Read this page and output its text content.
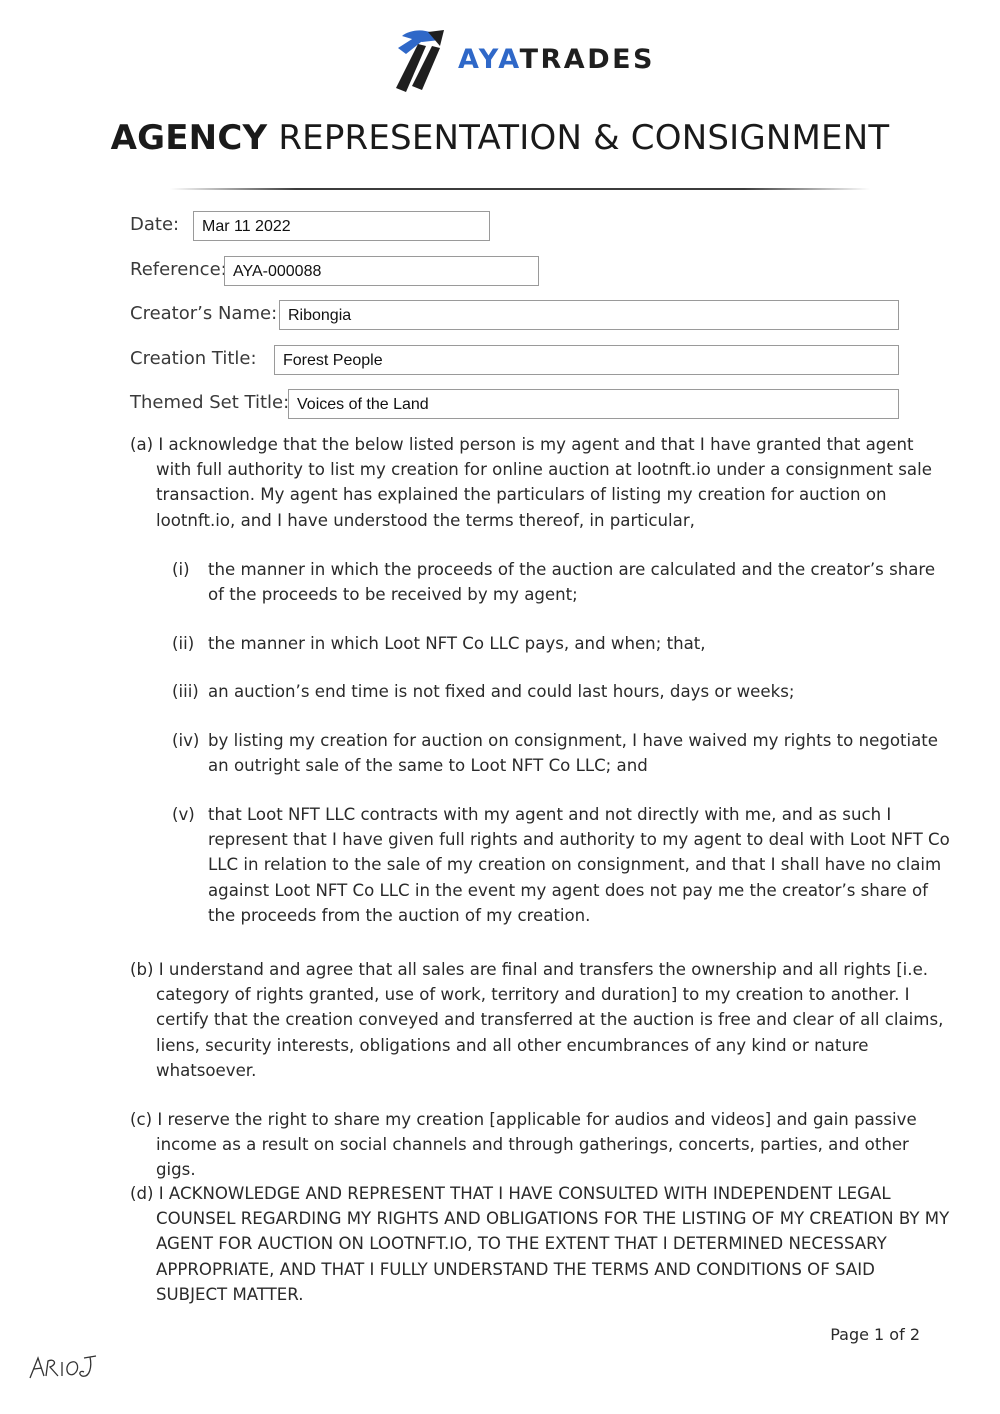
AYATRADES
AGENCY REPRESENTATION & CONSIGNMENT
Date:	Mar 11 2022
Reference: AYA-000088
Creator’s Name: Ribongia
Creation Title:	Forest People
Themed Set Title: Voices of the Land
(a) I acknowledge that the below listed person is my agent and that I have granted that agent with full authority to list my creation for online auction at lootnft.io under a consignment sale transaction. My agent has explained the particulars of listing my creation for auction on lootnft.io, and I have understood the terms thereof, in particular,
(i) the manner in which the proceeds of the auction are calculated and the creator’s share of the proceeds to be received by my agent;
(ii) the manner in which Loot NFT Co LLC pays, and when; that,
(iii) an auction’s end time is not fixed and could last hours, days or weeks;
(iv) by listing my creation for auction on consignment, I have waived my rights to negotiate an outright sale of the same to Loot NFT Co LLC; and
(v) that Loot NFT LLC contracts with my agent and not directly with me, and as such I represent that I have given full rights and authority to my agent to deal with Loot NFT Co LLC in relation to the sale of my creation on consignment, and that I shall have no claim against Loot NFT Co LLC in the event my agent does not pay me the creator’s share of the proceeds from the auction of my creation.
(b) I understand and agree that all sales are final and transfers the ownership and all rights [i.e. category of rights granted, use of work, territory and duration] to my creation to another. I certify that the creation conveyed and transferred at the auction is free and clear of all claims, liens, security interests, obligations and all other encumbrances of any kind or nature whatsoever.
(c) I reserve the right to share my creation [applicable for audios and videos] and gain passive income as a result on social channels and through gatherings, concerts, parties, and other gigs.
(d) I ACKNOWLEDGE AND REPRESENT THAT I HAVE CONSULTED WITH INDEPENDENT LEGAL COUNSEL REGARDING MY RIGHTS AND OBLIGATIONS FOR THE LISTING OF MY CREATION BY MY AGENT FOR AUCTION ON LOOTNFT.IO, TO THE EXTENT THAT I DETERMINED NECESSARY APPROPRIATE, AND THAT I FULLY UNDERSTAND THE TERMS AND CONDITIONS OF SAID SUBJECT MATTER.
Page 1 of 2
